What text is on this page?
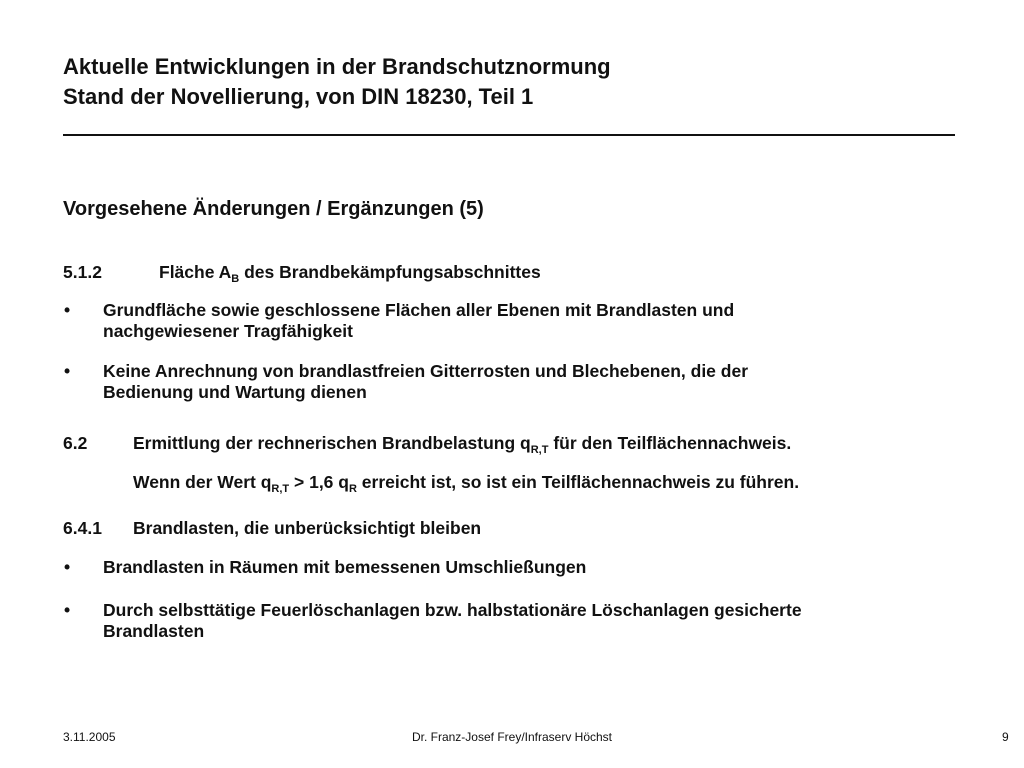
Aktuelle Entwicklungen in der Brandschutznormung
Stand der Novellierung, von DIN 18230, Teil 1
Vorgesehene Änderungen / Ergänzungen (5)
5.1.2	Fläche $A_B$ des Brandbekämpfungsabschnittes
• Grundfläche sowie geschlossene Flächen aller Ebenen mit Brandlasten und
nachgewiesener Tragfähigkeit
• Keine Anrechnung von brandlastfreien Gitterrosten und Blechebenen, die der
Bedienung und Wartung dienen
6.2	Ermittlung der rechnerischen Brandbelastung $q_{R,T}$ für den Teilflächennachweis.
Wenn der Wert $q_{R,T} > 1,6$ $q_R$ erreicht ist, so ist ein Teilflächennachweis zu führen.
6.4.1 Brandlasten, die unberücksichtigt bleiben
• Brandlasten in Räumen mit bemessenen Umschließungen
• Durch selbsttätige Feuerlöschanlagen bzw. halbstationäre Löschanlagen gesicherte
Brandlasten
3.11.2005	Dr. Franz-Josef Frey/Infraserv Höchst	9
